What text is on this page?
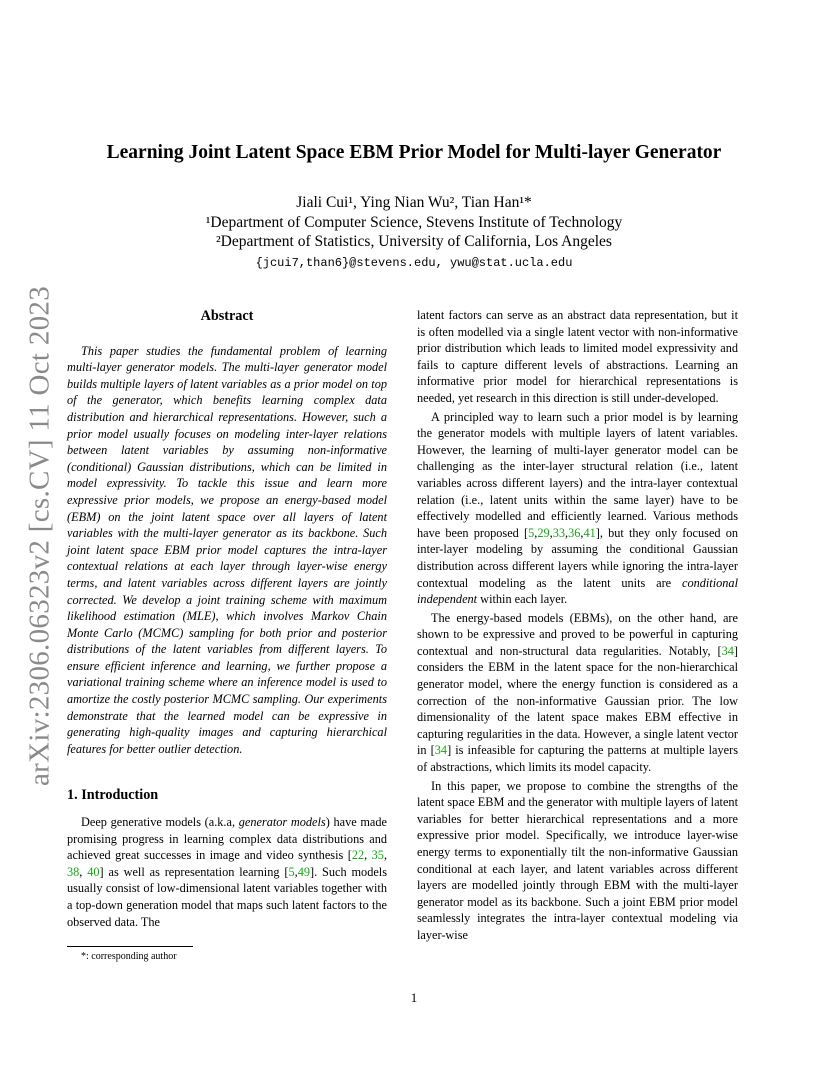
arXiv:2306.06323v2 [cs.CV] 11 Oct 2023
Learning Joint Latent Space EBM Prior Model for Multi-layer Generator
Jiali Cui¹, Ying Nian Wu², Tian Han¹*
¹Department of Computer Science, Stevens Institute of Technology
²Department of Statistics, University of California, Los Angeles
{jcui7,than6}@stevens.edu, ywu@stat.ucla.edu
Abstract

This paper studies the fundamental problem of learning multi-layer generator models. The multi-layer generator model builds multiple layers of latent variables as a prior model on top of the generator, which benefits learning complex data distribution and hierarchical representations. However, such a prior model usually focuses on modeling inter-layer relations between latent variables by assuming non-informative (conditional) Gaussian distributions, which can be limited in model expressivity. To tackle this issue and learn more expressive prior models, we propose an energy-based model (EBM) on the joint latent space over all layers of latent variables with the multi-layer generator as its backbone. Such joint latent space EBM prior model captures the intra-layer contextual relations at each layer through layer-wise energy terms, and latent variables across different layers are jointly corrected. We develop a joint training scheme with maximum likelihood estimation (MLE), which involves Markov Chain Monte Carlo (MCMC) sampling for both prior and posterior distributions of the latent variables from different layers. To ensure efficient inference and learning, we further propose a variational training scheme where an inference model is used to amortize the costly posterior MCMC sampling. Our experiments demonstrate that the learned model can be expressive in generating high-quality images and capturing hierarchical features for better outlier detection.

1. Introduction

Deep generative models (a.k.a, generator models) have made promising progress in learning complex data distributions and achieved great successes in image and video synthesis [22, 35, 38, 40] as well as representation learning [5,49]. Such models usually consist of low-dimensional latent variables together with a top-down generation model that maps such latent factors to the observed data. The

latent factors can serve as an abstract data representation, but it is often modelled via a single latent vector with non-informative prior distribution which leads to limited model expressivity and fails to capture different levels of abstractions. Learning an informative prior model for hierarchical representations is needed, yet research in this direction is still under-developed.

A principled way to learn such a prior model is by learning the generator models with multiple layers of latent variables. However, the learning of multi-layer generator model can be challenging as the inter-layer structural relation (i.e., latent variables across different layers) and the intra-layer contextual relation (i.e., latent units within the same layer) have to be effectively modelled and efficiently learned. Various methods have been proposed [5,29,33,36,41], but they only focused on inter-layer modeling by assuming the conditional Gaussian distribution across different layers while ignoring the intra-layer contextual modeling as the latent units are conditional independent within each layer.

The energy-based models (EBMs), on the other hand, are shown to be expressive and proved to be powerful in capturing contextual and non-structural data regularities. Notably, [34] considers the EBM in the latent space for the non-hierarchical generator model, where the energy function is considered as a correction of the non-informative Gaussian prior. The low dimensionality of the latent space makes EBM effective in capturing regularities in the data. However, a single latent vector in [34] is infeasible for capturing the patterns at multiple layers of abstractions, which limits its model capacity.

In this paper, we propose to combine the strengths of the latent space EBM and the generator with multiple layers of latent variables for better hierarchical representations and a more expressive prior model. Specifically, we introduce layer-wise energy terms to exponentially tilt the non-informative Gaussian conditional at each layer, and latent variables across different layers are modelled jointly through EBM with the multi-layer generator model as its backbone. Such a joint EBM prior model seamlessly integrates the intra-layer contextual modeling via layer-wise

*: corresponding author
1
